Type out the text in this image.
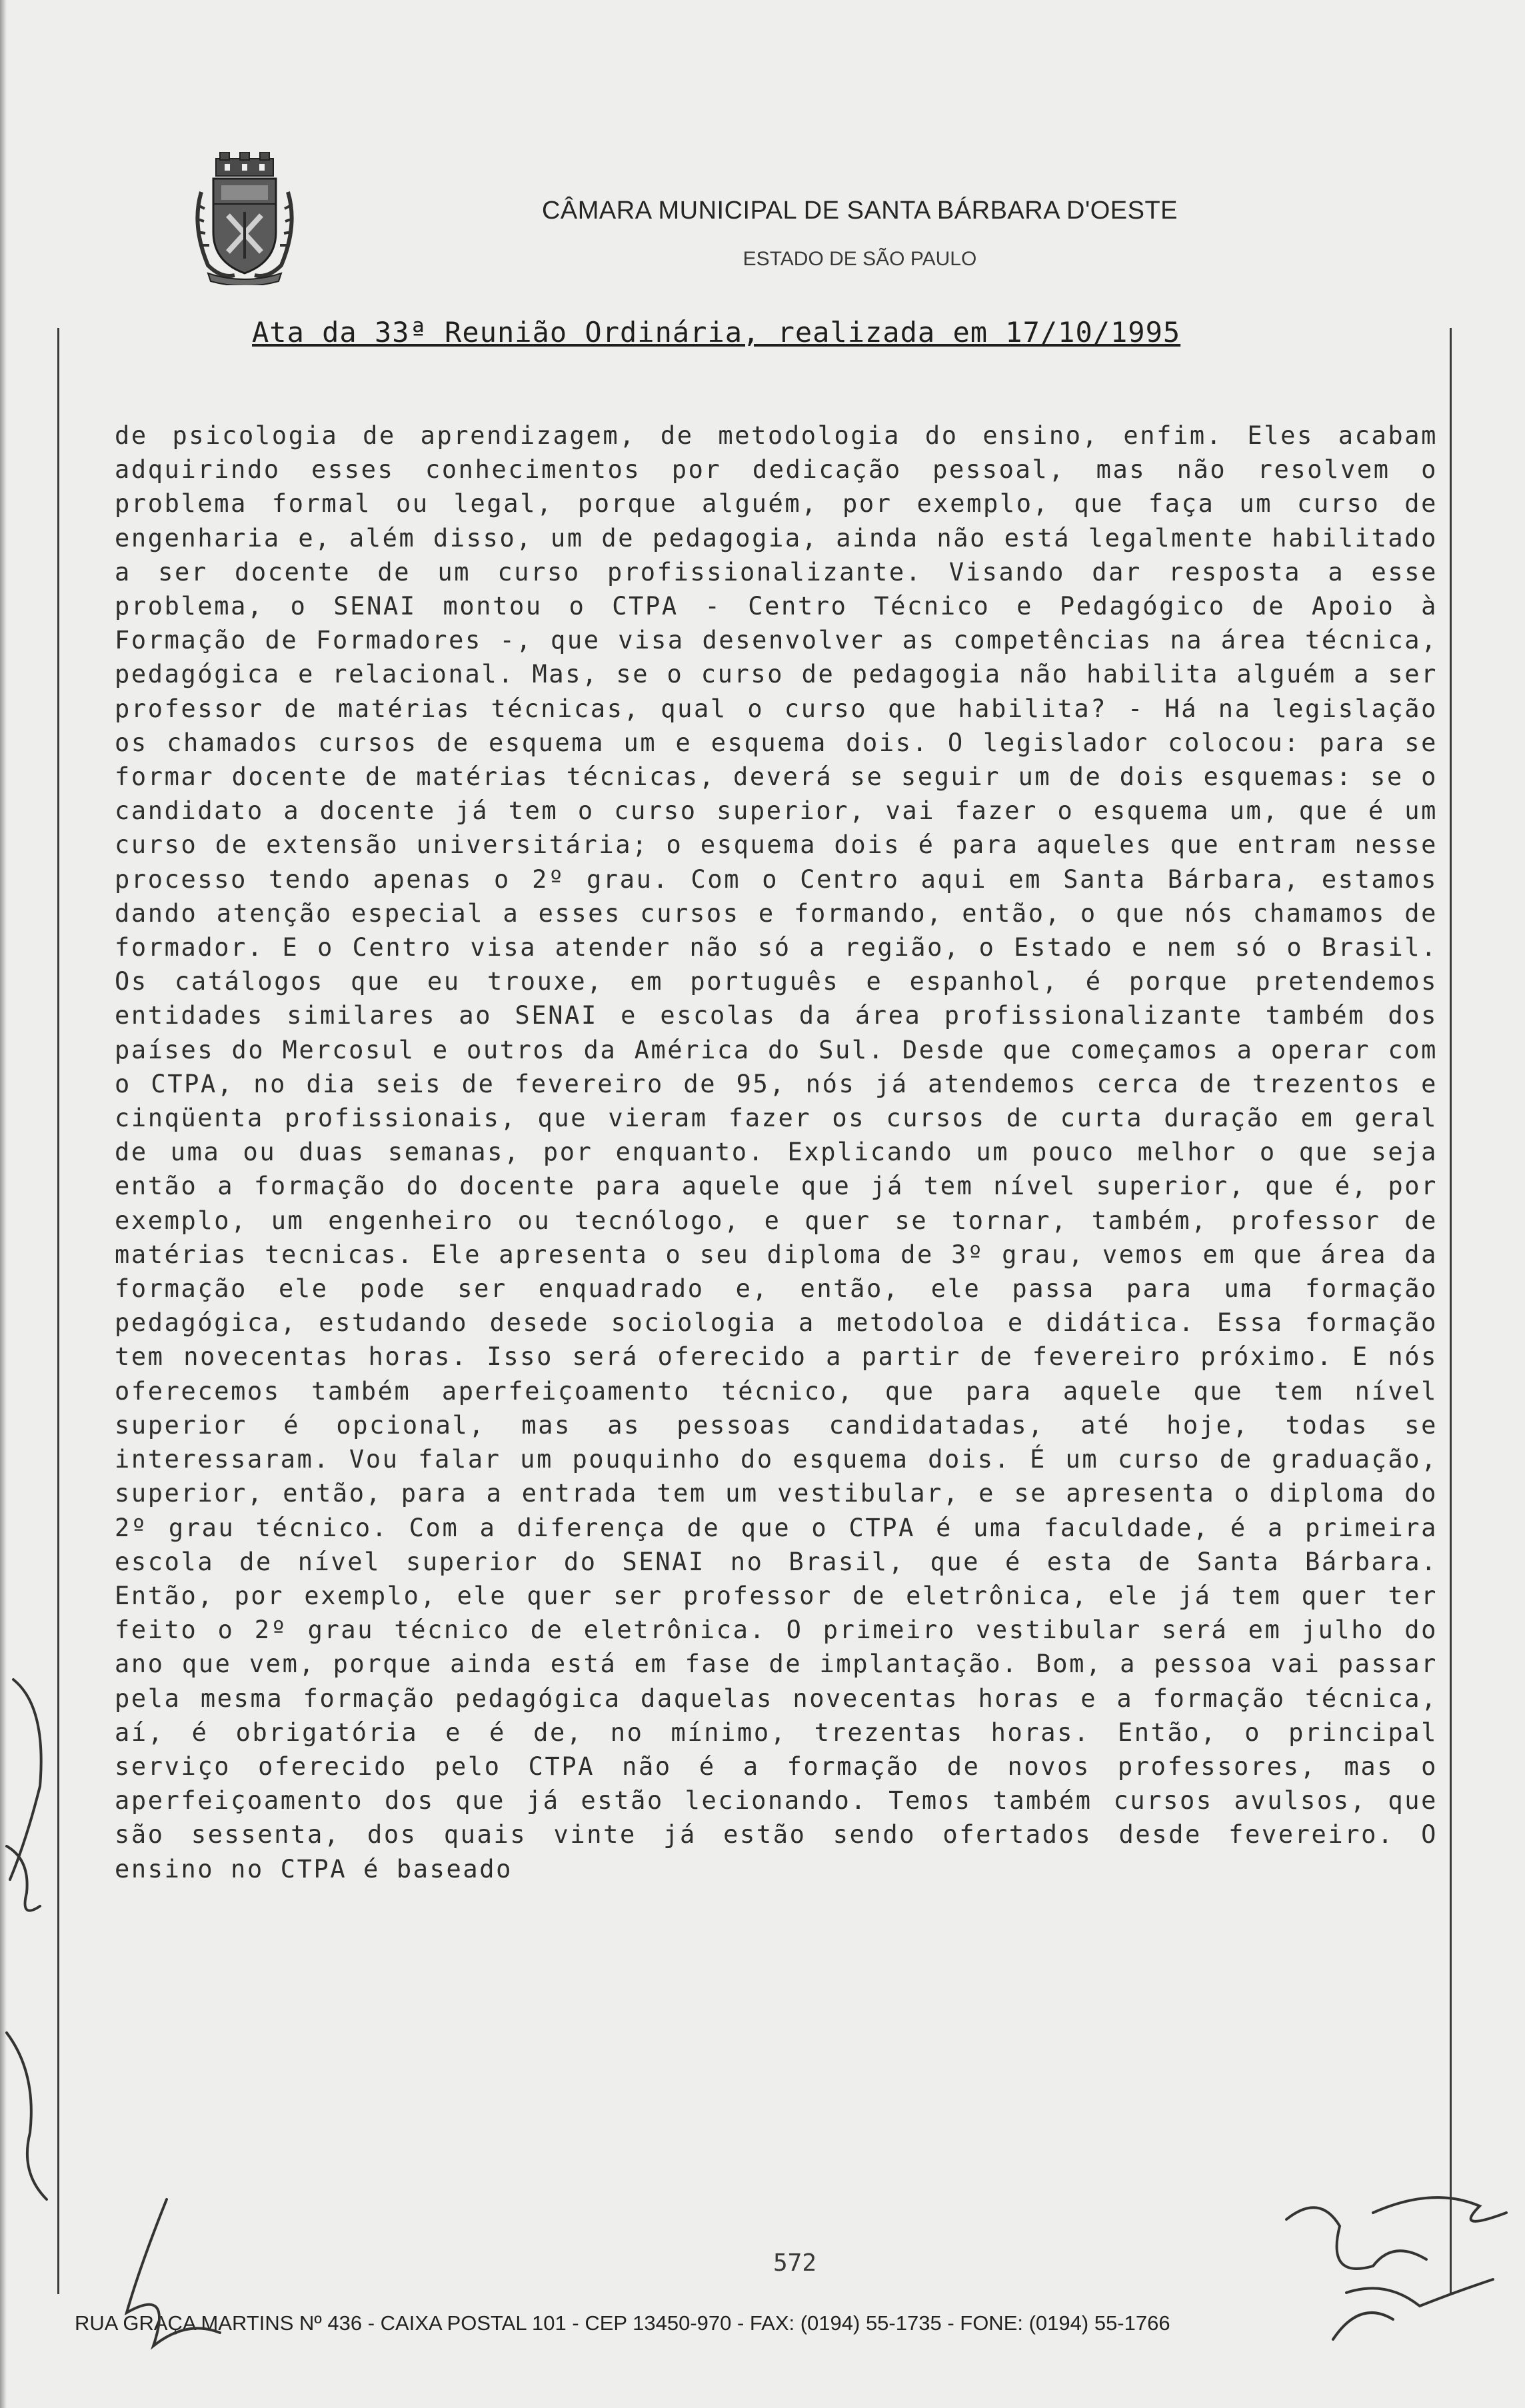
CÂMARA MUNICIPAL DE SANTA BÁRBARA D'OESTE
ESTADO DE SÃO PAULO
Ata da 33ª Reunião Ordinária, realizada em 17/10/1995
de psicologia de aprendizagem, de metodologia do ensino, enfim. Eles acabam adquirindo esses conhecimentos por dedicação pessoal, mas não resolvem o problema formal ou legal, porque alguém, por exemplo, que faça um curso de engenharia e, além disso, um de pedagogia, ainda não está legalmente habilitado a ser docente de um curso profissionalizante. Visando dar resposta a esse problema, o SENAI montou o CTPA - Centro Técnico e Pedagógico de Apoio à Formação de Formadores -, que visa desenvolver as competências na área técnica, pedagógica e relacional. Mas, se o curso de pedagogia não habilita alguém a ser professor de matérias técnicas, qual o curso que habilita? - Há na legislação os chamados cursos de esquema um e esquema dois. O legislador colocou: para se formar docente de matérias técnicas, deverá se seguir um de dois esquemas: se o candidato a docente já tem o curso superior, vai fazer o esquema um, que é um curso de extensão universitária; o esquema dois é para aqueles que entram nesse processo tendo apenas o 2º grau. Com o Centro aqui em Santa Bárbara, estamos dando atenção especial a esses cursos e formando, então, o que nós chamamos de formador. E o Centro visa atender não só a região, o Estado e nem só o Brasil. Os catálogos que eu trouxe, em português e espanhol, é porque pretendemos entidades similares ao SENAI e escolas da área profissionalizante também dos países do Mercosul e outros da América do Sul. Desde que começamos a operar com o CTPA, no dia seis de fevereiro de 95, nós já atendemos cerca de trezentos e cinqüenta profissionais, que vieram fazer os cursos de curta duração em geral de uma ou duas semanas, por enquanto. Explicando um pouco melhor o que seja então a formação do docente para aquele que já tem nível superior, que é, por exemplo, um engenheiro ou tecnólogo, e quer se tornar, também, professor de matérias tecnicas. Ele apresenta o seu diploma de 3º grau, vemos em que área da formação ele pode ser enquadrado e, então, ele passa para uma formação pedagógica, estudando desede sociologia a metodoloa e didática. Essa formação tem novecentas horas. Isso será oferecido a partir de fevereiro próximo. E nós oferecemos também aperfeiçoamento técnico, que para aquele que tem nível superior é opcional, mas as pessoas candidatadas, até hoje, todas se interessaram. Vou falar um pouquinho do esquema dois. É um curso de graduação, superior, então, para a entrada tem um vestibular, e se apresenta o diploma do 2º grau técnico. Com a diferença de que o CTPA é uma faculdade, é a primeira escola de nível superior do SENAI no Brasil, que é esta de Santa Bárbara. Então, por exemplo, ele quer ser professor de eletrônica, ele já tem quer ter feito o 2º grau técnico de eletrônica. O primeiro vestibular será em julho do ano que vem, porque ainda está em fase de implantação. Bom, a pessoa vai passar pela mesma formação pedagógica daquelas novecentas horas e a formação técnica, aí, é obrigatória e é de, no mínimo, trezentas horas. Então, o principal serviço oferecido pelo CTPA não é a formação de novos professores, mas o aperfeiçoamento dos que já estão lecionando. Temos também cursos avulsos, que são sessenta, dos quais vinte já estão sendo ofertados desde fevereiro. O ensino no CTPA é baseado
572
RUA GRAÇA MARTINS Nº 436 - CAIXA POSTAL 101 - CEP 13450-970 - FAX: (0194) 55-1735 - FONE: (0194) 55-1766
